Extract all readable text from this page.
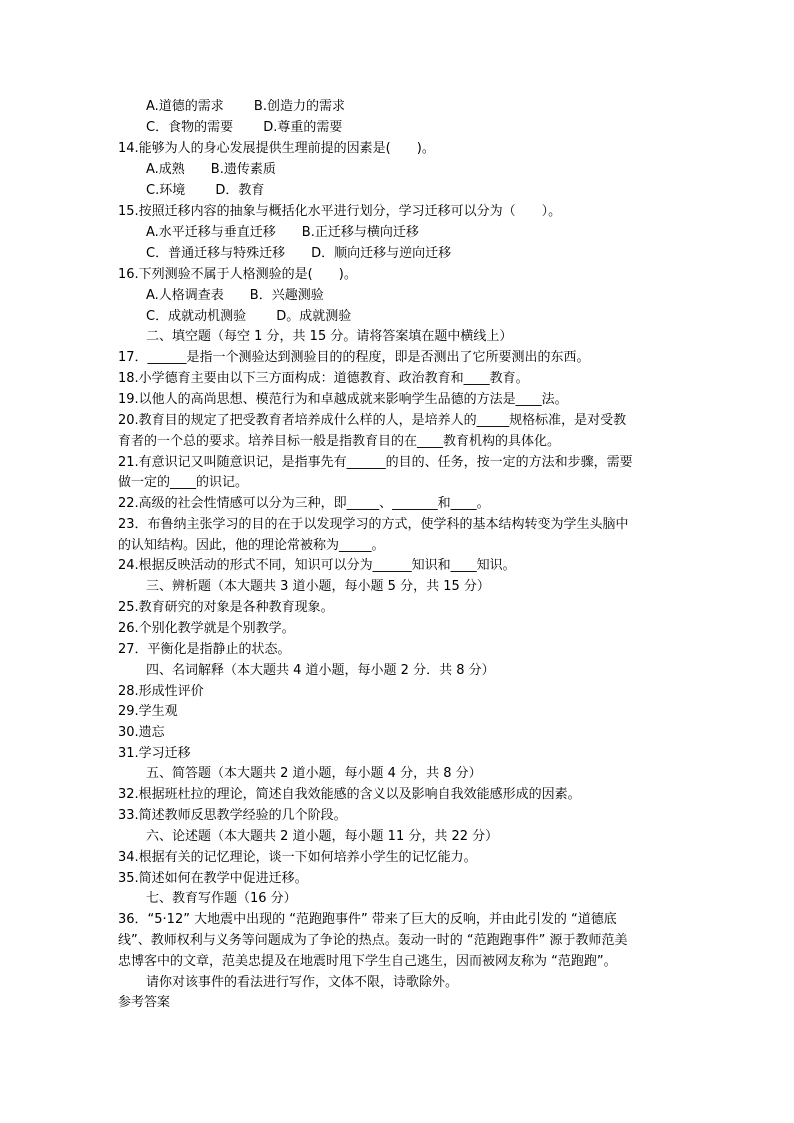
A.道德的需求　　 B.创造力的需求
C．食物的需要　　 D.尊重的需要
14.能够为人的身心发展提供生理前提的因素是(　　)。
A.成熟　　B.遗传素质
C.环境　　 D．教育
15.按照迁移内容的抽象与概括化水平进行划分，学习迁移可以分为（　　）。
A.水平迁移与垂直迁移　　B.正迁移与横向迁移
C．普通迁移与特殊迁移　　D．顺向迁移与逆向迁移
16.下列测验不属于人格测验的是(　　)。
A.人格调查表　　B．兴趣测验
C．成就动机测验　　 D。成就测验
二、填空题（每空 1 分，共 15 分。请将答案填在题中横线上）
17．______是指一个测验达到测验目的的程度，即是否测出了它所要测出的东西。
18.小学德育主要由以下三方面构成：道德教育、政治教育和____教育。
19.以他人的高尚思想、模范行为和卓越成就来影响学生品德的方法是____法。
20.教育目的规定了把受教育者培养成什么样的人，是培养人的_____规格标准，是对受教
育者的一个总的要求。培养目标一般是指教育目的在____教育机构的具体化。
21.有意识记又叫随意识记，是指事先有______的目的、任务，按一定的方法和步骤，需要
做一定的____的识记。
22.高级的社会性情感可以分为三种，即_____、_______和____。
23．布鲁纳主张学习的目的在于以发现学习的方式，使学科的基本结构转变为学生头脑中
的认知结构。因此，他的理论常被称为_____。
24.根据反映活动的形式不同，知识可以分为______知识和____知识。
三、辨析题（本大题共 3 道小题，每小题 5 分，共 15 分）
25.教育研究的对象是各种教育现象。
26.个别化教学就是个别教学。
27．平衡化是指静止的状态。
四、名词解释（本大题共 4 道小题，每小题 2 分．共 8 分）
28.形成性评价
29.学生观
30.遗忘
31.学习迁移
五、简答题（本大题共 2 道小题，每小题 4 分，共 8 分）
32.根据班杜拉的理论，简述自我效能感的含义以及影响自我效能感形成的因素。
33.简述教师反思教学经验的几个阶段。
六、论述题（本大题共 2 道小题，每小题 11 分，共 22 分）
34.根据有关的记忆理论，谈一下如何培养小学生的记忆能力。
35.简述如何在教学中促进迁移。
七、教育写作题（16 分）
36．“5·12” 大地震中出现的 “范跑跑事件” 带来了巨大的反响，并由此引发的 “道德底
线”、教师权利与义务等问题成为了争论的热点。轰动一时的 “范跑跑事件” 源于教师范美
忠博客中的文章，范美忠提及在地震时甩下学生自己逃生，因而被网友称为 “范跑跑”。
请你对该事件的看法进行写作，文体不限，诗歌除外。
参考答案
